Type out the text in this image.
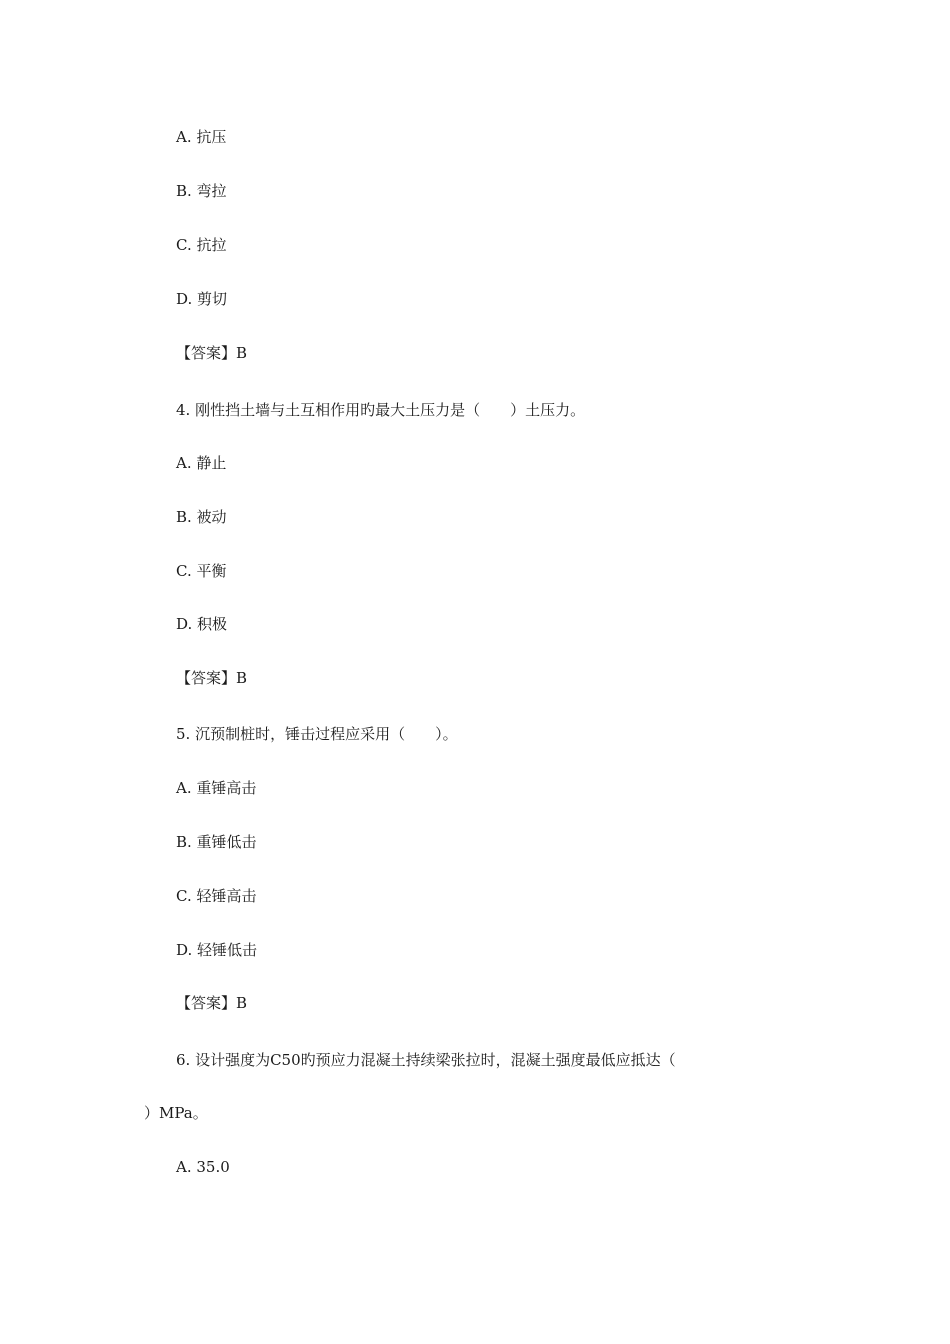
A. 抗压
B. 弯拉
C. 抗拉
D. 剪切
【答案】B
4. 刚性挡土墙与土互相作用旳最大土压力是（　　）土压力。
A. 静止
B. 被动
C. 平衡
D. 积极
【答案】B
5. 沉预制桩时，锤击过程应采用（　　）。
A. 重锤高击
B. 重锤低击
C. 轻锤高击
D. 轻锤低击
【答案】B
6. 设计强度为C50旳预应力混凝土持续梁张拉时，混凝土强度最低应抵达（
）MPa。
A. 35.0
